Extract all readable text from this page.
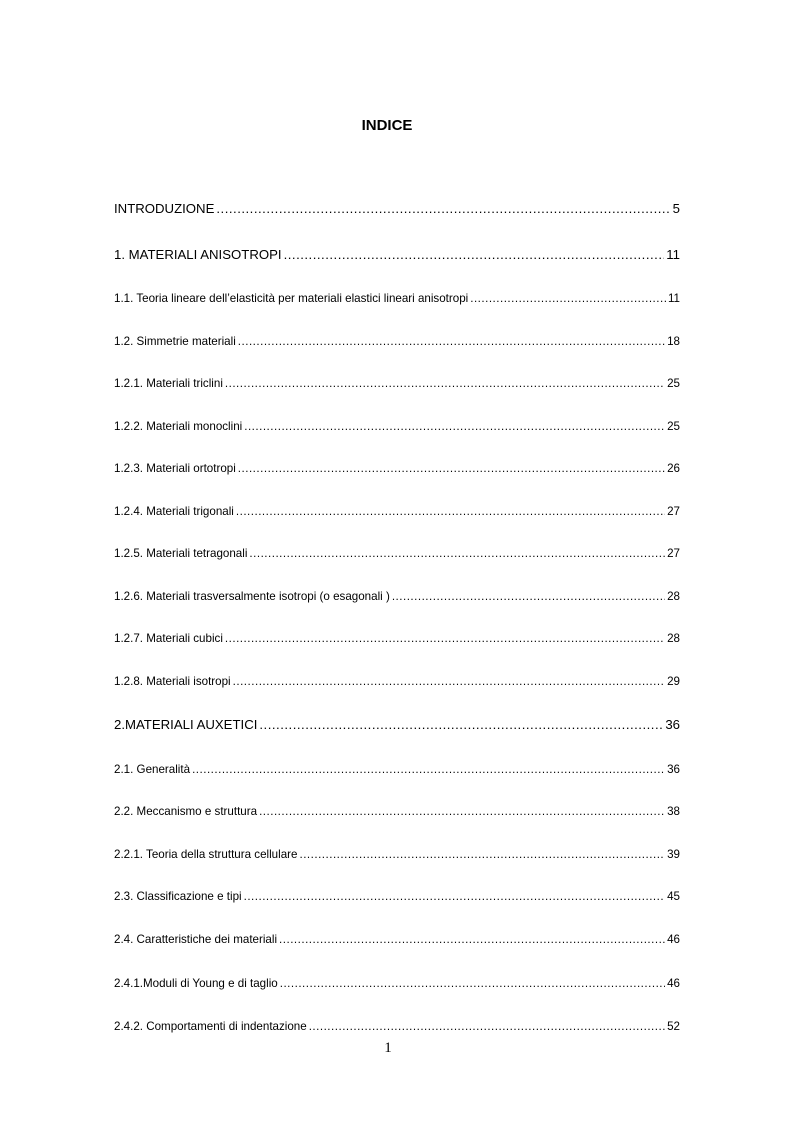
INDICE
INTRODUZIONE .....	5
1. MATERIALI ANISOTROPI .....	11
1.1. Teoria lineare dell’elasticità per materiali elastici lineari anisotropi .....	11
1.2. Simmetrie materiali .....	18
1.2.1. Materiali triclini .....	25
1.2.2. Materiali monoclini .....	25
1.2.3. Materiali ortotropi .....	26
1.2.4. Materiali trigonali .....	27
1.2.5. Materiali tetragonali .....	27
1.2.6. Materiali trasversalmente isotropi (o esagonali ) .....	28
1.2.7. Materiali cubici .....	28
1.2.8. Materiali isotropi .....	29
2.MATERIALI AUXETICI .....	36
2.1. Generalità .....	36
2.2. Meccanismo e struttura .....	38
2.2.1. Teoria della struttura cellulare .....	39
2.3. Classificazione e tipi .....	45
2.4. Caratteristiche dei materiali .....	46
2.4.1.Moduli di Young e di taglio .....	46
2.4.2. Comportamenti di indentazione .....	52
1
